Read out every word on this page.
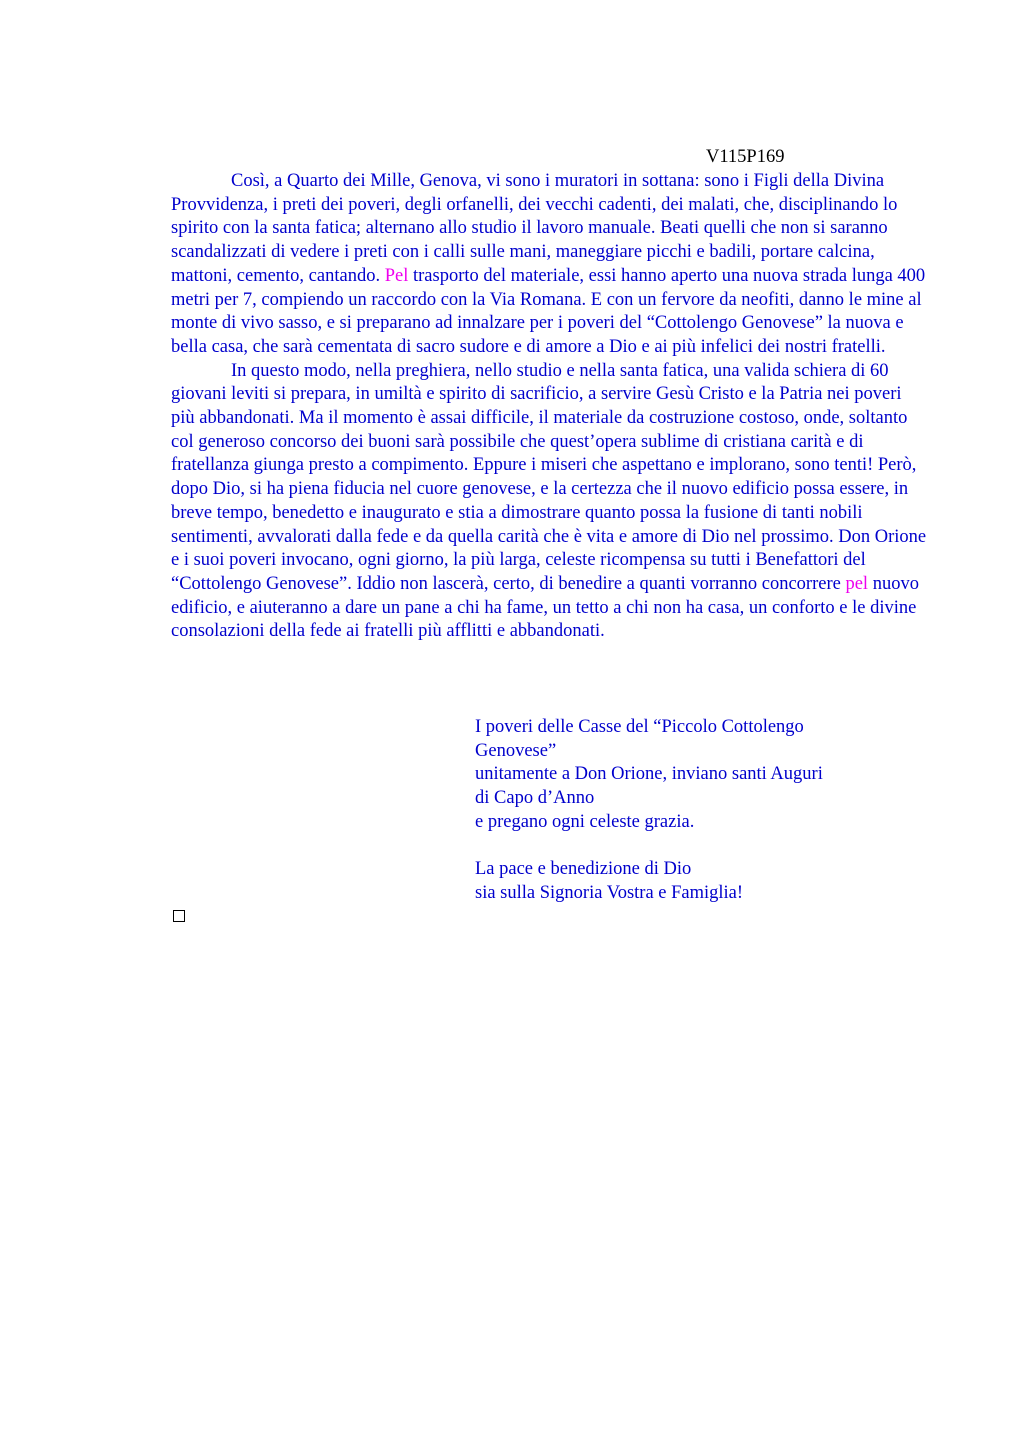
V115P169

Così, a Quarto dei Mille, Genova, vi sono i muratori in sottana: sono i Figli della Divina Provvidenza, i preti dei poveri, degli orfanelli, dei vecchi cadenti, dei malati, che, disciplinando lo spirito con la santa fatica; alternano allo studio il lavoro manuale. Beati quelli che non si saranno scandalizzati di vedere i preti con i calli sulle mani, maneggiare picchi e badili, portare calcina, mattoni, cemento, cantando. Pel trasporto del materiale, essi hanno aperto una nuova strada lunga 400 metri per 7, compiendo un raccordo con la Via Romana. E con un fervore da neofiti, danno le mine al monte di vivo sasso, e si preparano ad innalzare per i poveri del “Cottolengo Genovese” la nuova e bella casa, che sarà cementata di sacro sudore e di amore a Dio e ai più infelici dei nostri fratelli.

In questo modo, nella preghiera, nello studio e nella santa fatica, una valida schiera di 60 giovani leviti si prepara, in umiltà e spirito di sacrificio, a servire Gesù Cristo e la Patria nei poveri più abbandonati. Ma il momento è assai difficile, il materiale da costruzione costoso, onde, soltanto col generoso concorso dei buoni sarà possibile che quest’opera sublime di cristiana carità e di fratellanza giunga presto a compimento. Eppure i miseri che aspettano e implorano, sono tenti! Però, dopo Dio, si ha piena fiducia nel cuore genovese, e la certezza che il nuovo edificio possa essere, in breve tempo, benedetto e inaugurato e stia a dimostrare quanto possa la fusione di tanti nobili sentimenti, avvalorati dalla fede e da quella carità che è vita e amore di Dio nel prossimo. Don Orione e i suoi poveri invocano, ogni giorno, la più larga, celeste ricompensa su tutti i Benefattori del “Cottolengo Genovese”. Iddio non lascerà, certo, di benedire a quanti vorranno concorrere pel nuovo edificio, e aiuteranno a dare un pane a chi ha fame, un tetto a chi non ha casa, un conforto e le divine consolazioni della fede ai fratelli più afflitti e abbandonati.

I poveri delle Casse del “Piccolo Cottolengo
Genovese”
unitamente a Don Orione, inviano santi Auguri
di Capo d’Anno
e pregano ogni celeste grazia.
La pace e benedizione di Dio
sia sulla Signoria Vostra e Famiglia!
